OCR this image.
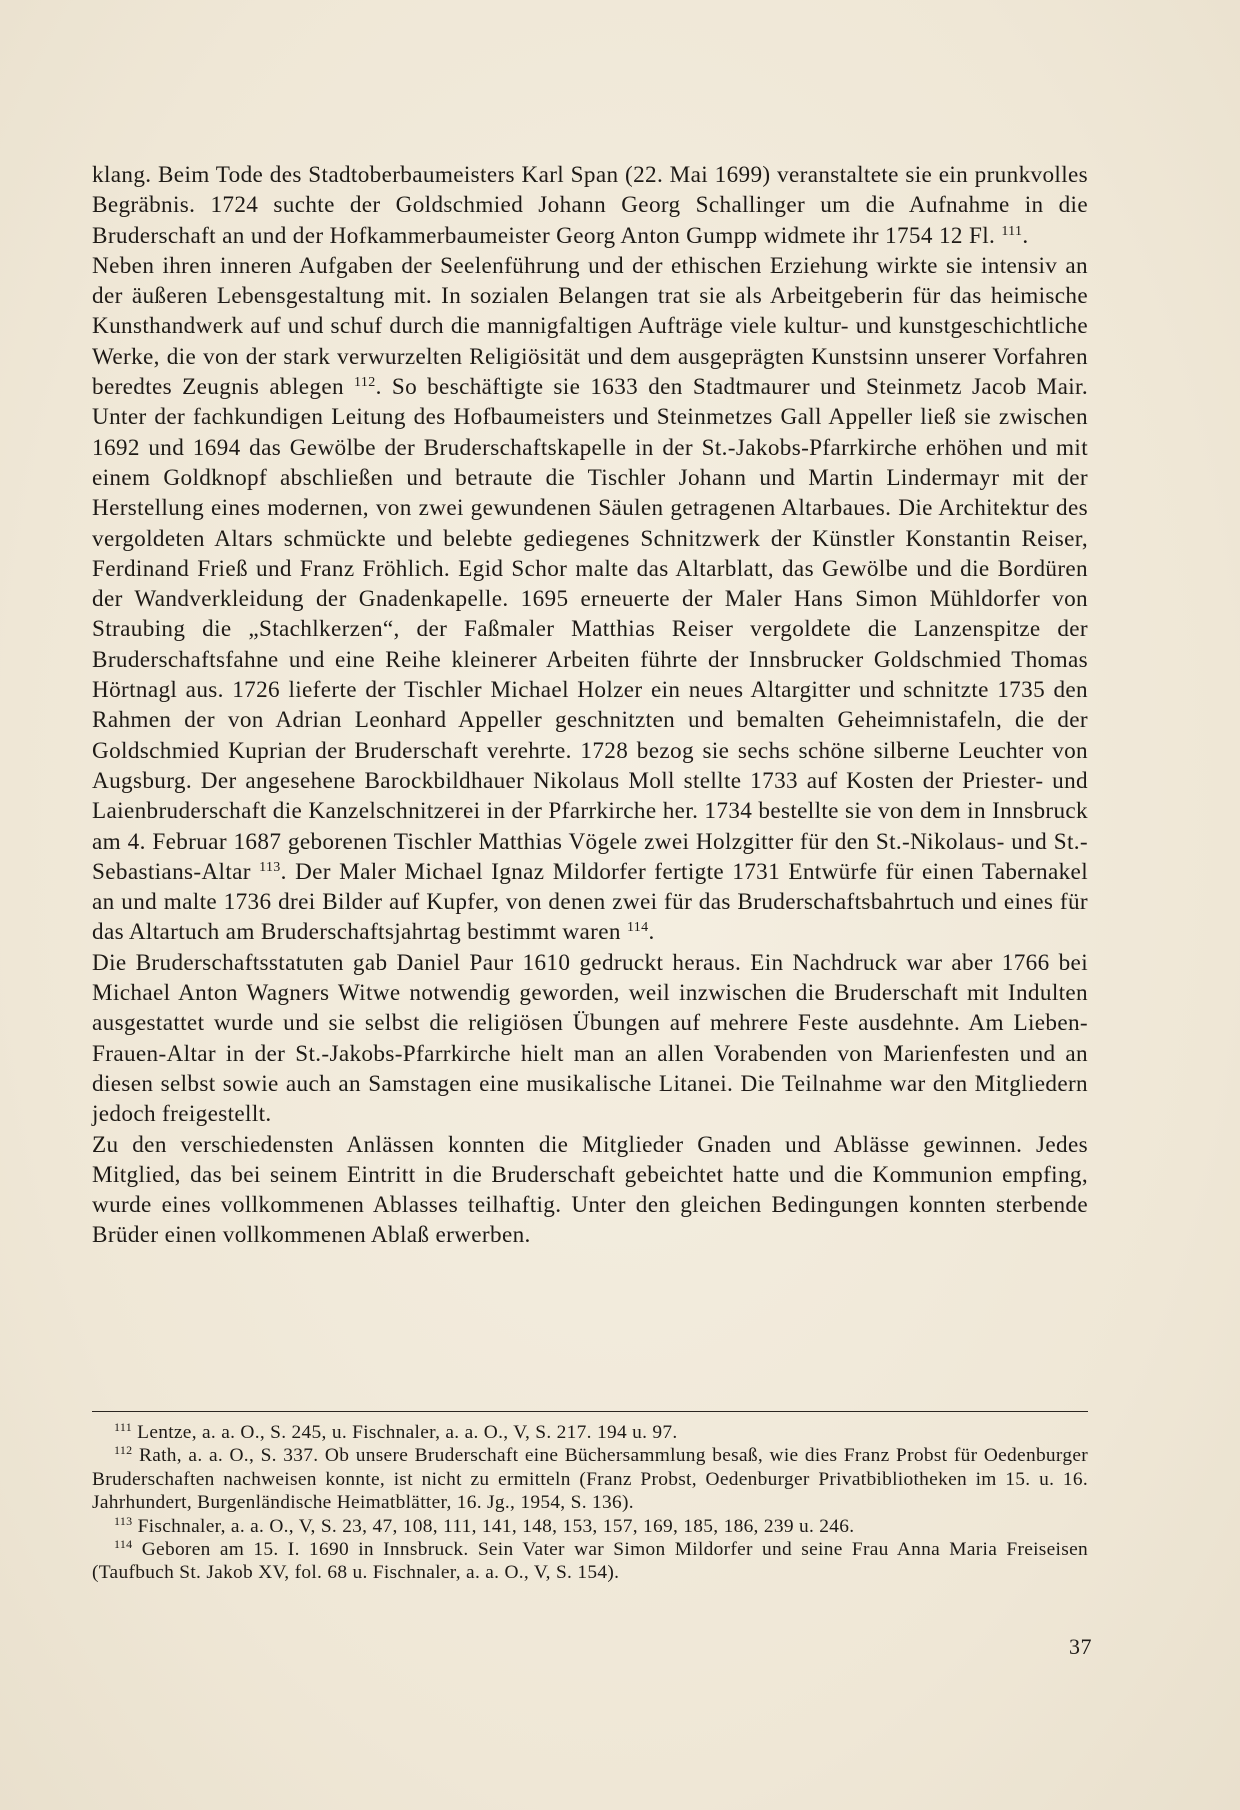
klang. Beim Tode des Stadtoberbaumeisters Karl Span (22. Mai 1699) veranstaltete sie ein prunkvolles Begräbnis. 1724 suchte der Goldschmied Johann Georg Schallinger um die Aufnahme in die Bruderschaft an und der Hofkammerbaumeister Georg Anton Gumpp widmete ihr 1754 12 Fl. $^{111}$.

Neben ihren inneren Aufgaben der Seelenführung und der ethischen Erziehung wirkte sie intensiv an der äußeren Lebensgestaltung mit. In sozialen Belangen trat sie als Arbeitgeberin für das heimische Kunsthandwerk auf und schuf durch die mannigfaltigen Aufträge viele kultur- und kunstgeschichtliche Werke, die von der stark verwurzelten Religiösität und dem ausgeprägten Kunstsinn unserer Vorfahren beredtes Zeugnis ablegen $^{112}$. So beschäftigte sie 1633 den Stadtmaurer und Steinmetz Jacob Mair. Unter der fachkundigen Leitung des Hofbaumeisters und Steinmetzes Gall Appeller ließ sie zwischen 1692 und 1694 das Gewölbe der Bruderschaftskapelle in der St.-Jakobs-Pfarrkirche erhöhen und mit einem Goldknopf abschließen und betraute die Tischler Johann und Martin Lindermayr mit der Herstellung eines modernen, von zwei gewundenen Säulen getragenen Altarbaues. Die Architektur des vergoldeten Altars schmückte und belebte gediegenes Schnitzwerk der Künstler Konstantin Reiser, Ferdinand Frieß und Franz Fröhlich. Egid Schor malte das Altarblatt, das Gewölbe und die Bordüren der Wandverkleidung der Gnadenkapelle. 1695 erneuerte der Maler Hans Simon Mühldorfer von Straubing die „Stachlkerzen“, der Faßmaler Matthias Reiser vergoldete die Lanzenspitze der Bruderschaftsfahne und eine Reihe kleinerer Arbeiten führte der Innsbrucker Goldschmied Thomas Hörtnagl aus. 1726 lieferte der Tischler Michael Holzer ein neues Altargitter und schnitzte 1735 den Rahmen der von Adrian Leonhard Appeller geschnitzten und bemalten Geheimnistafeln, die der Goldschmied Kuprian der Bruderschaft verehrte. 1728 bezog sie sechs schöne silberne Leuchter von Augsburg. Der angesehene Barockbildhauer Nikolaus Moll stellte 1733 auf Kosten der Priester- und Laienbruderschaft die Kanzelschnitzerei in der Pfarrkirche her. 1734 bestellte sie von dem in Innsbruck am 4. Februar 1687 geborenen Tischler Matthias Vögele zwei Holzgitter für den St.-Nikolaus- und St.-Sebastians-Altar $^{113}$. Der Maler Michael Ignaz Mildorfer fertigte 1731 Entwürfe für einen Tabernakel an und malte 1736 drei Bilder auf Kupfer, von denen zwei für das Bruderschaftsbahrtuch und eines für das Altartuch am Bruderschaftsjahrtag bestimmt waren $^{114}$.

Die Bruderschaftsstatuten gab Daniel Paur 1610 gedruckt heraus. Ein Nachdruck war aber 1766 bei Michael Anton Wagners Witwe notwendig geworden, weil inzwischen die Bruderschaft mit Indulten ausgestattet wurde und sie selbst die religiösen Übungen auf mehrere Feste ausdehnte. Am Lieben-Frauen-Altar in der St.-Jakobs-Pfarrkirche hielt man an allen Vorabenden von Marienfesten und an diesen selbst sowie auch an Samstagen eine musikalische Litanei. Die Teilnahme war den Mitgliedern jedoch freigestellt.

Zu den verschiedensten Anlässen konnten die Mitglieder Gnaden und Ablässe gewinnen. Jedes Mitglied, das bei seinem Eintritt in die Bruderschaft gebeichtet hatte und die Kommunion empfing, wurde eines vollkommenen Ablasses teilhaftig. Unter den gleichen Bedingungen konnten sterbende Brüder einen vollkommenen Ablaß erwerben.

$^{111}$ Lentze, a. a. O., S. 245, u. Fischnaler, a. a. O., V, S. 217. 194 u. 97.

$^{112}$ Rath, a. a. O., S. 337. Ob unsere Bruderschaft eine Büchersammlung besaß, wie dies Franz Probst für Oedenburger Bruderschaften nachweisen konnte, ist nicht zu ermitteln (Franz Probst, Oedenburger Privatbibliotheken im 15. u. 16. Jahrhundert, Burgenländische Heimatblätter, 16. Jg., 1954, S. 136).

$^{113}$ Fischnaler, a. a. O., V, S. 23, 47, 108, 111, 141, 148, 153, 157, 169, 185, 186, 239 u. 246.

$^{114}$ Geboren am 15. I. 1690 in Innsbruck. Sein Vater war Simon Mildorfer und seine Frau Anna Maria Freiseisen (Taufbuch St. Jakob XV, fol. 68 u. Fischnaler, a. a. O., V, S. 154).

37
